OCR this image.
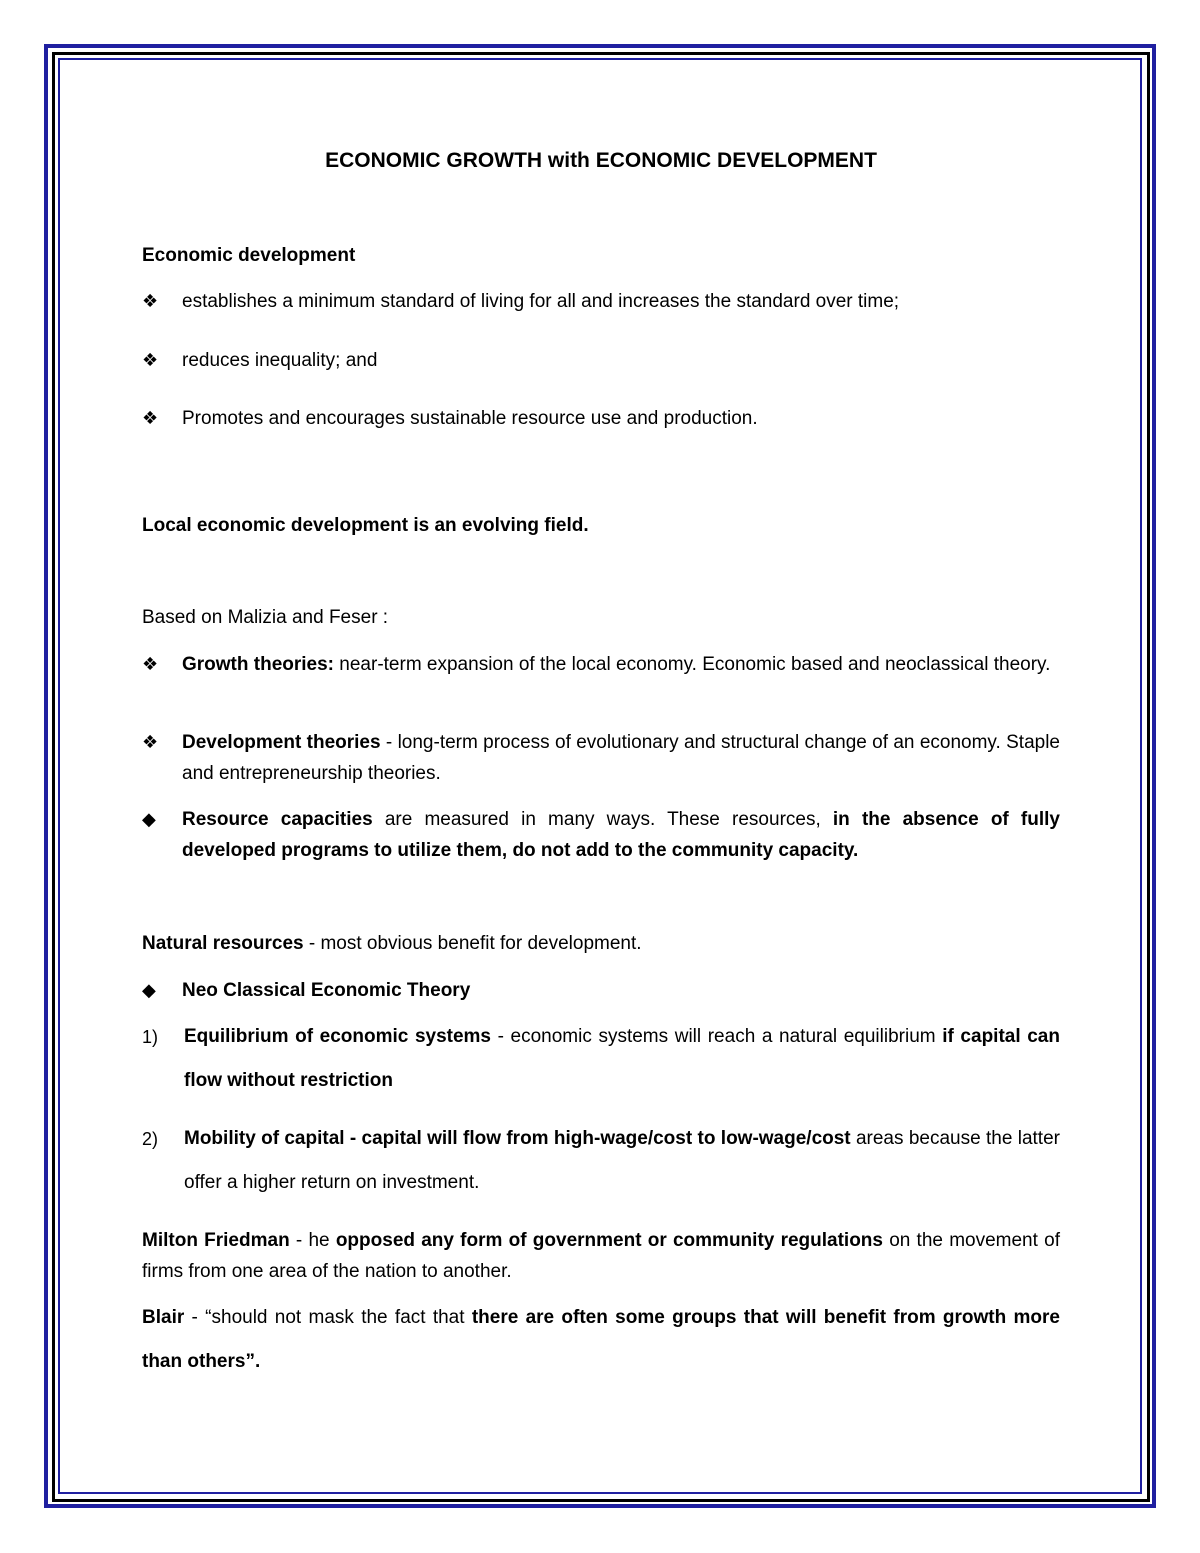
ECONOMIC GROWTH with ECONOMIC DEVELOPMENT
Economic development
❖	establishes a minimum standard of living for all and increases the standard over time;
❖	reduces inequality; and
❖	Promotes and encourages sustainable resource use and production.
Local economic development is an evolving field.
Based on Malizia and Feser :
❖	Growth theories: near-term expansion of the local economy. Economic based and neoclassical theory.
❖	Development theories - long-term process of evolutionary and structural change of an economy. Staple and entrepreneurship theories.
◆	Resource capacities are measured in many ways. These resources, in the absence of fully developed programs to utilize them, do not add to the community capacity.
Natural resources - most obvious benefit for development.
◆	Neo Classical Economic Theory
1)	Equilibrium of economic systems - economic systems will reach a natural equilibrium if capital can flow without restriction
2)	Mobility of capital - capital will flow from high-wage/cost to low-wage/cost areas because the latter offer a higher return on investment.
Milton Friedman - he opposed any form of government or community regulations on the movement of firms from one area of the nation to another.
Blair - “should not mask the fact that there are often some groups that will benefit from growth more than others”.
